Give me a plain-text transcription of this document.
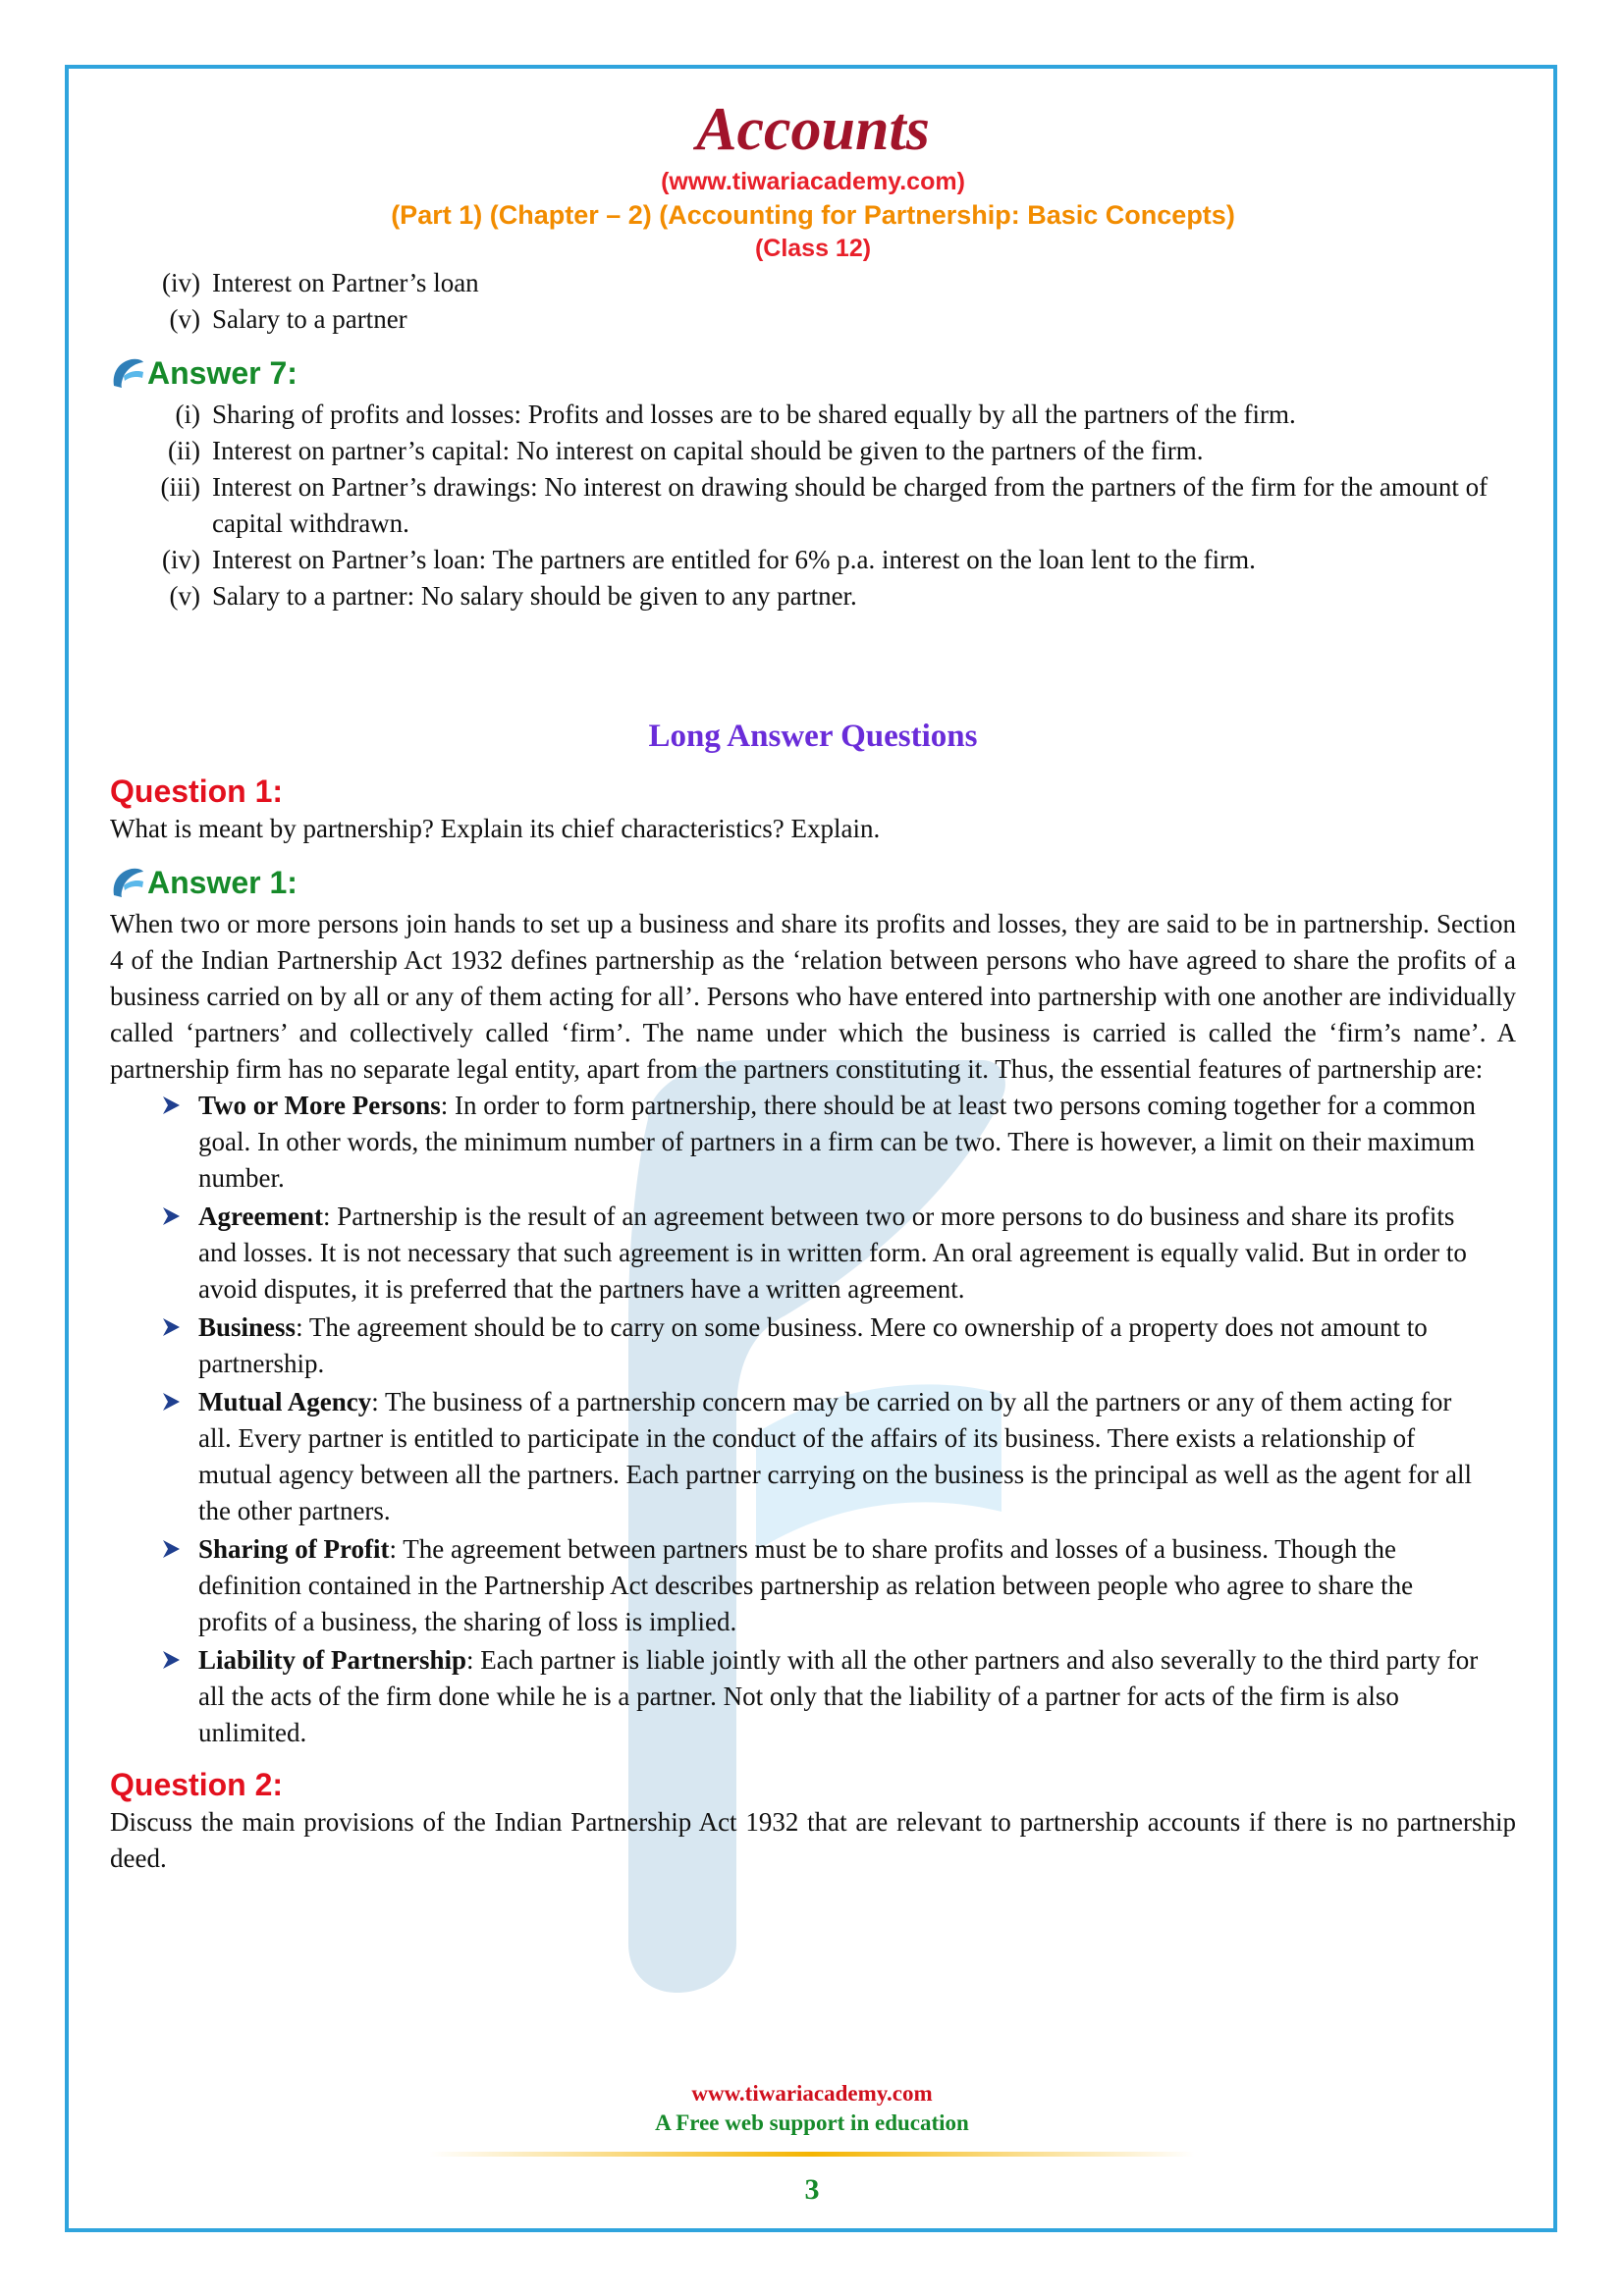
Accounts

(www.tiwariacademy.com)

(Part 1) (Chapter – 2) (Accounting for Partnership: Basic Concepts)

(Class 12)

(iv) Interest on Partner’s loan
(v) Salary to a partner
Answer 7:
(i) Sharing of profits and losses: Profits and losses are to be shared equally by all the partners of the firm.
(ii) Interest on partner’s capital: No interest on capital should be given to the partners of the firm.
(iii) Interest on Partner’s drawings: No interest on drawing should be charged from the partners of the firm for the amount of capital withdrawn.
(iv) Interest on Partner’s loan: The partners are entitled for 6% p.a. interest on the loan lent to the firm.
(v) Salary to a partner: No salary should be given to any partner.
Long Answer Questions
Question 1:

What is meant by partnership? Explain its chief characteristics? Explain.

Answer 1:

When two or more persons join hands to set up a business and share its profits and losses, they are said to be in partnership. Section 4 of the Indian Partnership Act 1932 defines partnership as the ‘relation between persons who have agreed to share the profits of a business carried on by all or any of them acting for all’. Persons who have entered into partnership with one another are individually called ‘partners’ and collectively called ‘firm’. The name under which the business is carried is called the ‘firm’s name’. A partnership firm has no separate legal entity, apart from the partners constituting it. Thus, the essential features of partnership are:

Two or More Persons: In order to form partnership, there should be at least two persons coming together for a common goal. In other words, the minimum number of partners in a firm can be two. There is however, a limit on their maximum number.
Agreement: Partnership is the result of an agreement between two or more persons to do business and share its profits and losses. It is not necessary that such agreement is in written form. An oral agreement is equally valid. But in order to avoid disputes, it is preferred that the partners have a written agreement.
Business: The agreement should be to carry on some business. Mere co ownership of a property does not amount to partnership.
Mutual Agency: The business of a partnership concern may be carried on by all the partners or any of them acting for all. Every partner is entitled to participate in the conduct of the affairs of its business. There exists a relationship of mutual agency between all the partners. Each partner carrying on the business is the principal as well as the agent for all the other partners.
Sharing of Profit: The agreement between partners must be to share profits and losses of a business. Though the definition contained in the Partnership Act describes partnership as relation between people who agree to share the profits of a business, the sharing of loss is implied.
Liability of Partnership: Each partner is liable jointly with all the other partners and also severally to the third party for all the acts of the firm done while he is a partner. Not only that the liability of a partner for acts of the firm is also unlimited.
Question 2:

Discuss the main provisions of the Indian Partnership Act 1932 that are relevant to partnership accounts if there is no partnership deed.

www.tiwariacademy.com
A Free web support in education
3
